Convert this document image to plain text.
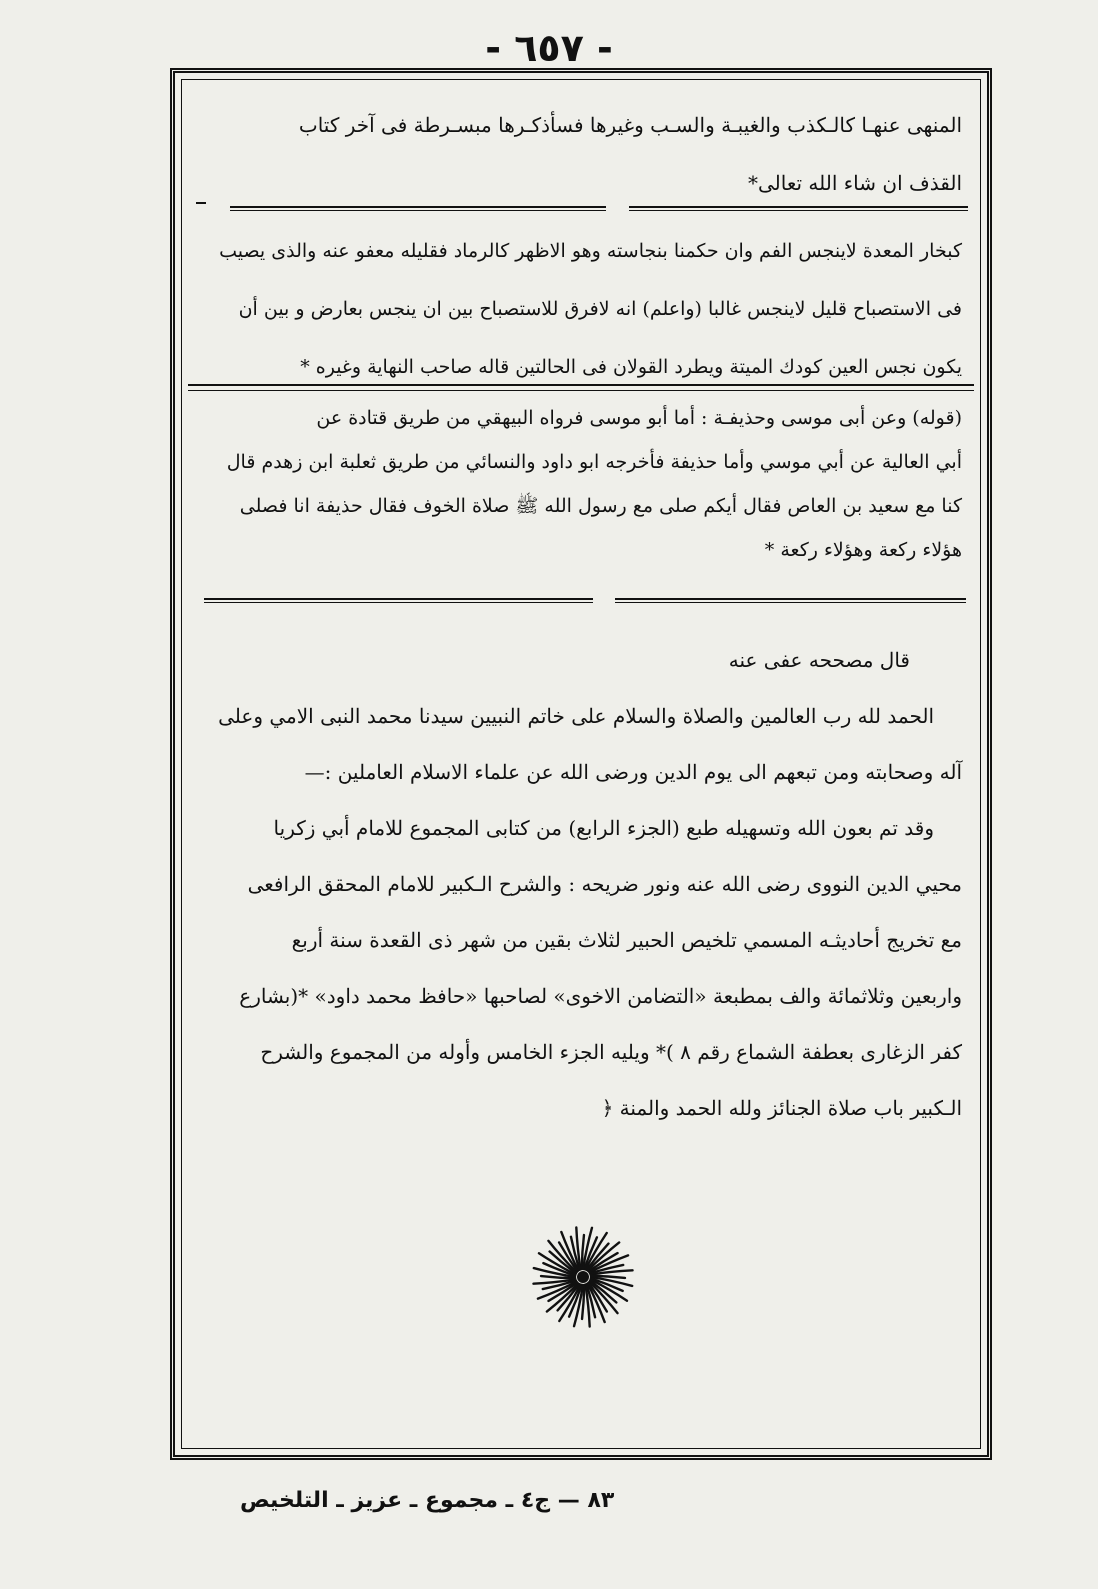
- ٦٥٧ -

المنهى عنهـا كالـكذب والغيبـة والسـب وغيرها فسأذكـرها مبسـرطة فى آخر كتاب

القذف ان شاء الله تعالى*

كبخار المعدة لاينجس الفم وان حكمنا بنجاسته وهو الاظهر كالرماد فقليله معفو عنه والذى يصيب

فى الاستصباح قليل لاينجس غالبا (واعلم) انه لافرق للاستصباح بين ان ينجس بعارض و بين أن

يكون نجس العين كودك الميتة ويطرد القولان فى الحالتين قاله صاحب النهاية وغيره *

(قوله) وعن أبى موسى وحذيفـة : أما أبو موسى فرواه البيهقي من طريق قتادة عن

أبي العالية عن أبي موسي وأما حذيفة فأخرجه ابو داود والنسائي من طريق ثعلبة ابن زهدم قال

كنا مع سعيد بن العاص فقال أيكم صلى مع رسول الله ﷺ صلاة الخوف فقال حذيفة انا فصلى

هؤلاء ركعة وهؤلاء ركعة *

قال مصححه عفى عنه

الحمد لله رب العالمين والصلاة والسلام على خاتم النبيين سيدنا محمد النبى الامي وعلى

آله وصحابته ومن تبعهم الى يوم الدين ورضى الله عن علماء الاسلام العاملين :—

وقد تم بعون الله وتسهيله طبع (الجزء الرابع) من كتابى المجموع للامام أبي زكريا

محيي الدين النووى رضى الله عنه ونور ضريحه : والشرح الـكبير للامام المحقق الرافعى

مع تخريج أحاديثـه المسمي تلخيص الحبير لثلاث بقين من شهر ذى القعدة سنة أربع

واربعين وثلاثمائة والف بمطبعة «التضامن الاخوى» لصاحبها «حافظ محمد داود» *(بشارع

كفر الزغارى بعطفة الشماع رقم ٨ )* ويليه الجزء الخامس وأوله من المجموع والشرح

الـكبير باب صلاة الجنائز ولله الحمد والمنة ﴿

٨٣ — ج٤ ـ مجموع ـ عزيز ـ التلخيص
